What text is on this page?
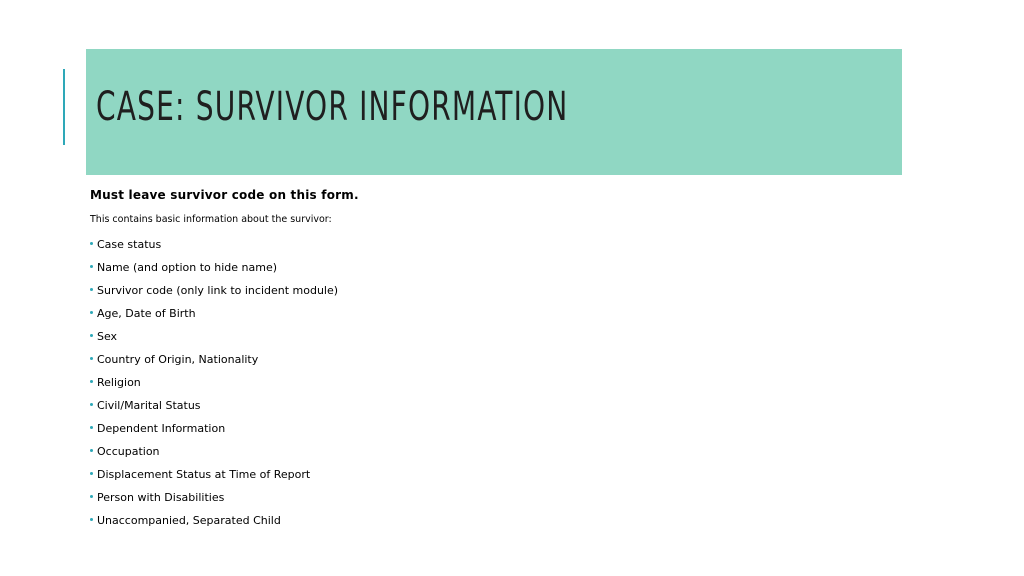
CASE: SURVIVOR INFORMATION

Must leave survivor code on this form.

This contains basic information about the survivor:

Case status
Name (and option to hide name)
Survivor code (only link to incident module)
Age, Date of Birth
Sex
Country of Origin, Nationality
Religion
Civil/Marital Status
Dependent Information
Occupation
Displacement Status at Time of Report
Person with Disabilities
Unaccompanied, Separated Child
